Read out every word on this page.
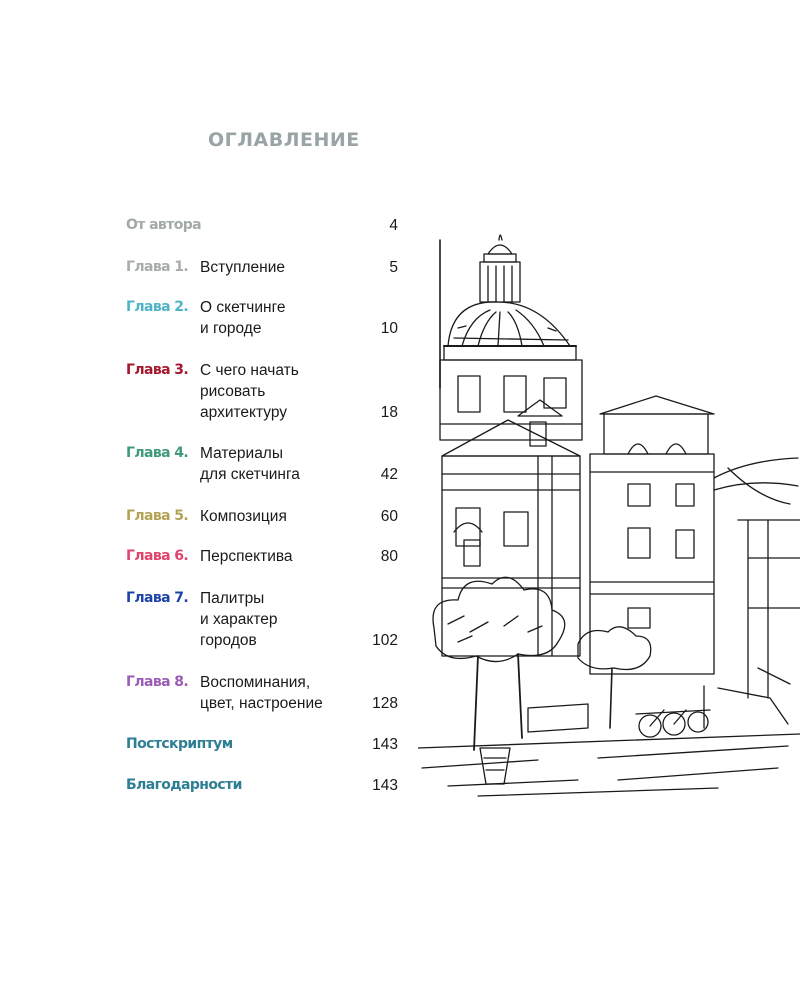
ОГЛАВЛЕНИЕ
От автора	4
Глава 1. Вступление	5
Глава 2. О скетчинге
и городе	10
Глава 3. С чего начать
рисовать
архитектуру	18
Глава 4. Материалы
для скетчинга	42
Глава 5. Композиция	60
Глава 6. Перспектива	80
Глава 7. Палитры
и характер
городов	102
Глава 8. Воспоминания,
цвет, настроение	128
Постскриптум	143
Благодарности	143
